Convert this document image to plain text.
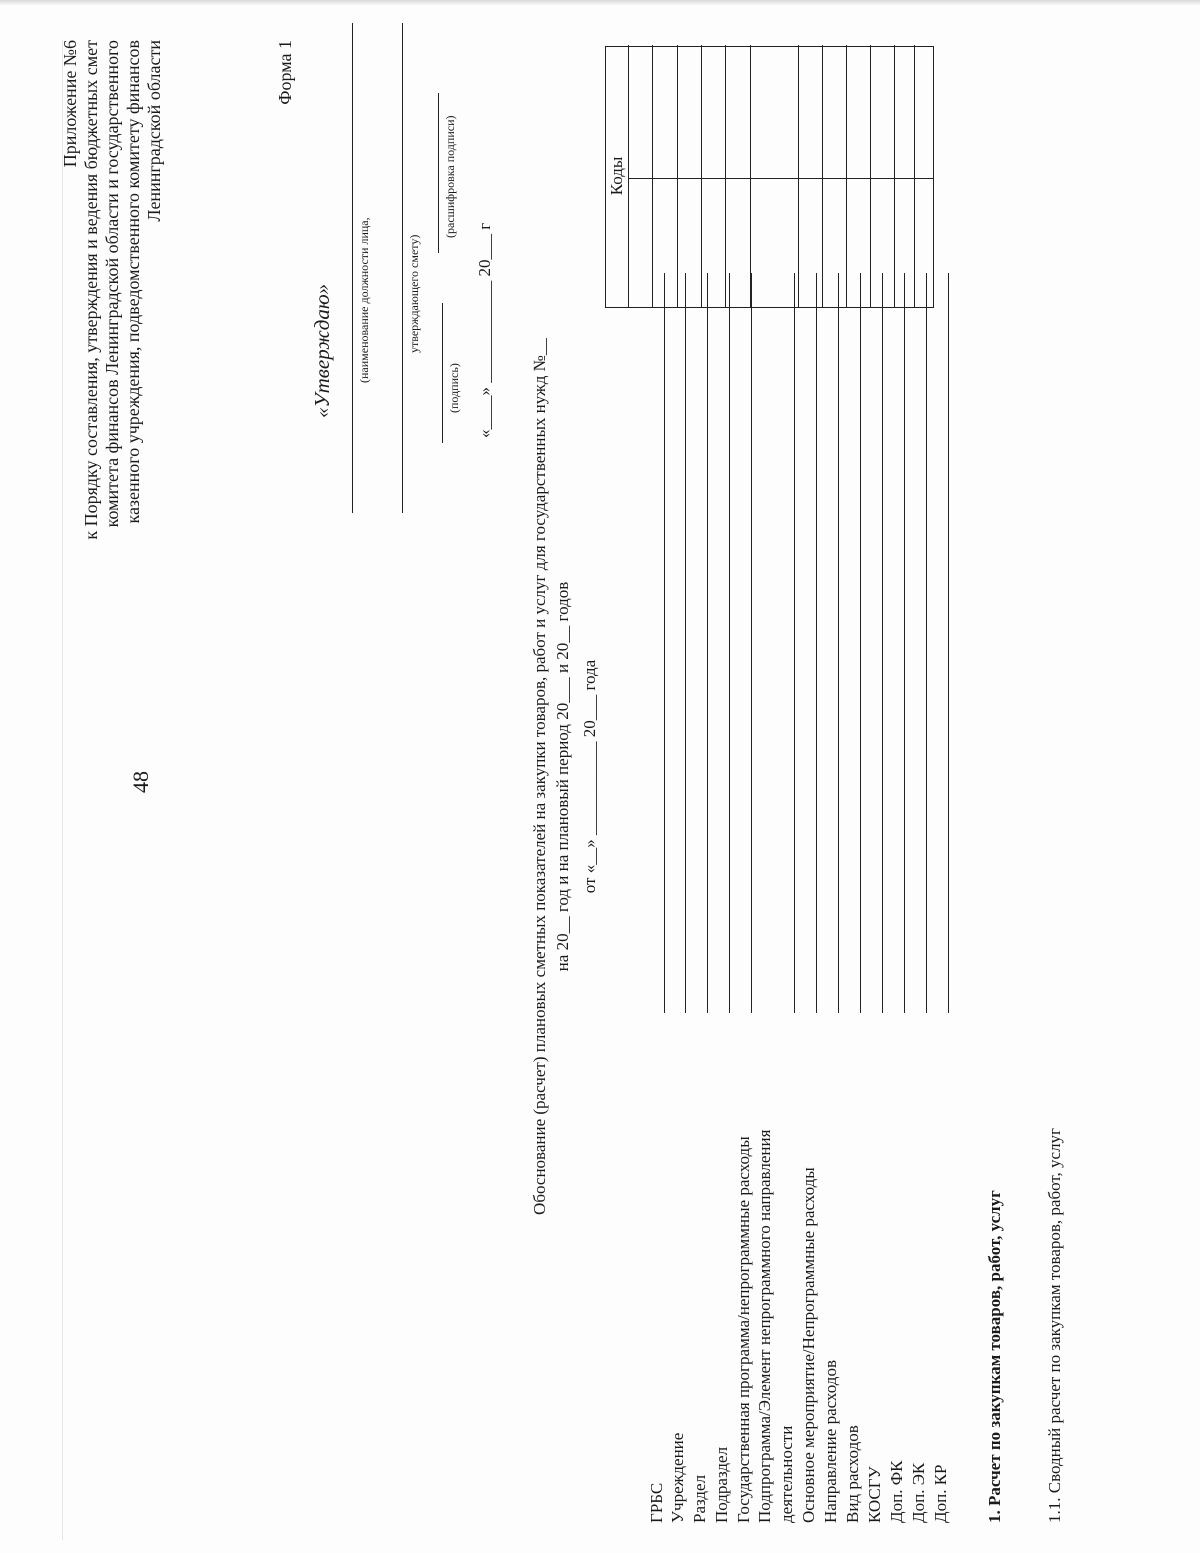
48
Приложение №6 к Порядку составления, утверждения и ведения бюджетных смет комитета финансов Ленинградской области и государственного казенного учреждения, подведомственного комитету финансов Ленинградской области	Форма 1
«Утверждаю» (наименование должности лица,	утверждающего смету)
(подпись)
(расшифровка подписи)
«____» ____________ 20___ г
Обоснование (расчет) плановых сметных показателей на закупки товаров, работ и услуг для государственных нужд №__ на 20__ год и на плановый период 20___ и 20__ годов от «__» ___________ 20___ года
Коды
ГРБС Учреждение Раздел Подраздел Государственная программа/непрограммные расходы Подпрограмма/Элемент непрограммного направления деятельности Основное мероприятие/Непрограммные расходы Направление расходов Вид расходов КОСГУ Доп. ФК Доп. ЭК Доп. КР 1. Расчет по закупкам товаров, работ, услуг 1.1. Сводный расчет по закупкам товаров, работ, услуг
